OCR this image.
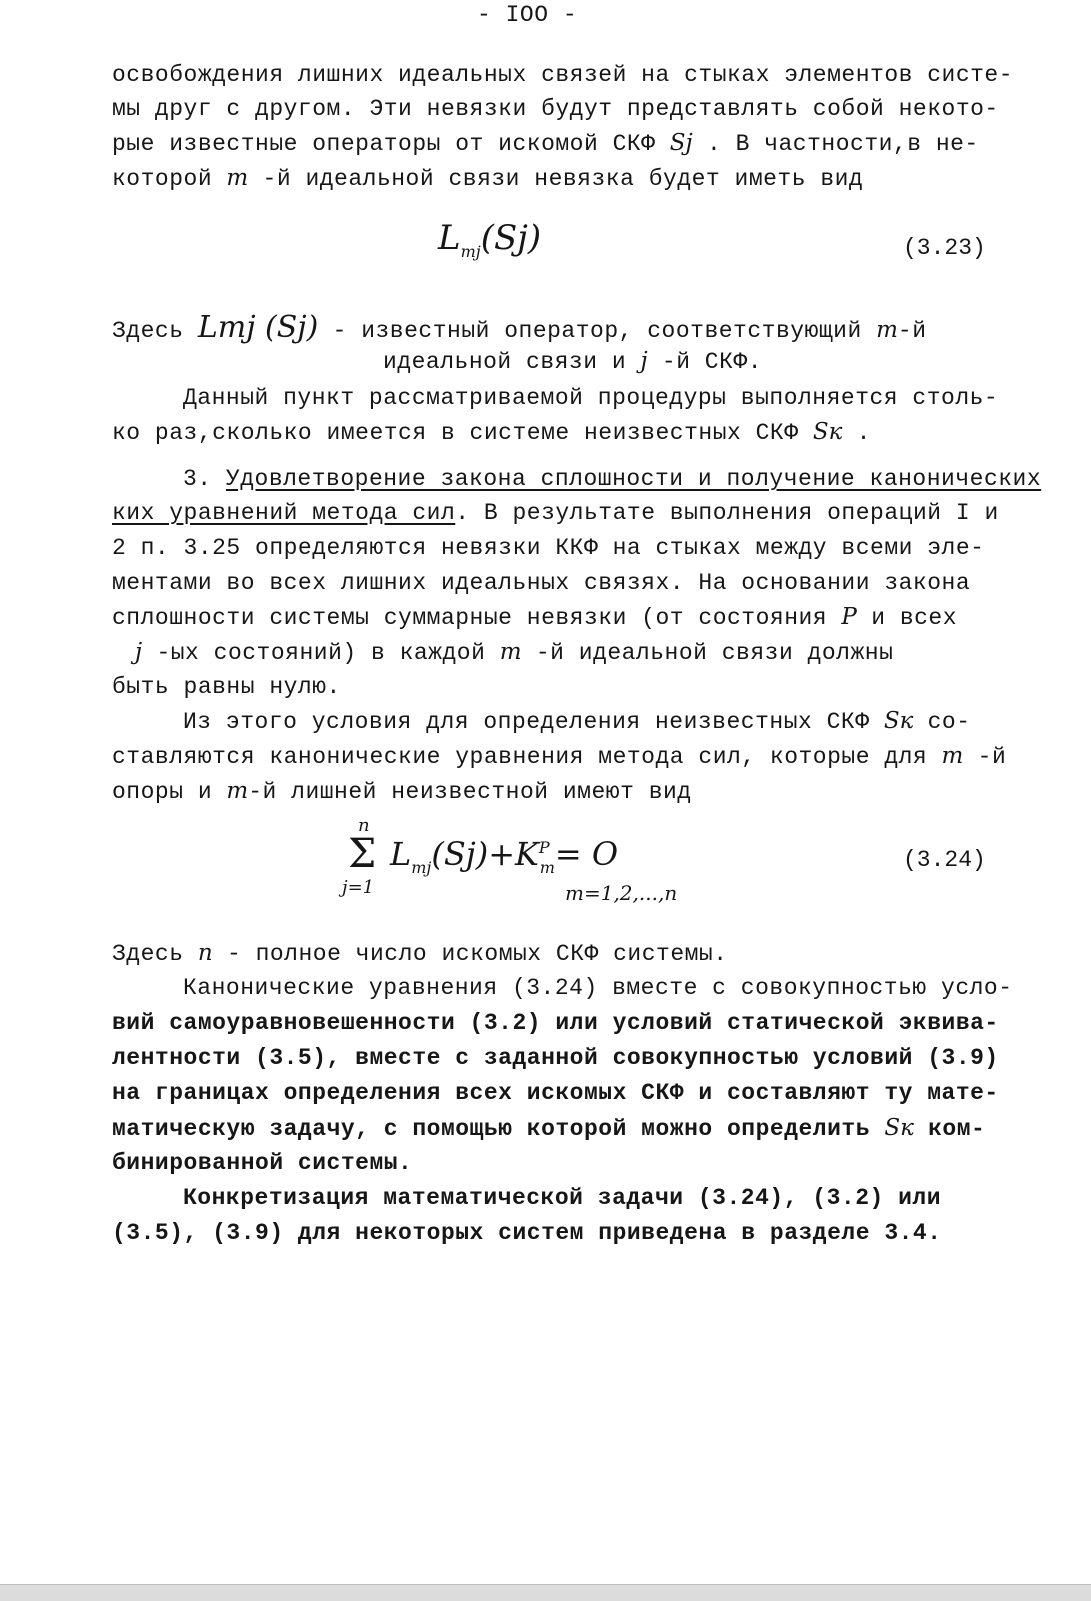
- IOO -
освобождения лишних идеальных связей на стыках элементов систе-
мы друг с другом. Эти невязки будут представлять собой некото-
рые известные операторы от искомой СКФ Sj . В частности,в не-
которой m -й идеальной связи невязка будет иметь вид
$L_{mj}(Sj)$	(3.23)
Здесь Lmj (Sj) - известный оператор, соответствующий m-й
идеальной связи и j -й СКФ.
Данный пункт рассматриваемой процедуры выполняется столь-
ко раз,сколько имеется в системе неизвестных СКФ Sк .
3. Удовлетворение закона сплошности и получение канонических
ких уравнений метода сил. В результате выполнения операций I и
2 п. 3.25 определяются невязки ККФ на стыках между всеми эле-
ментами во всех лишних идеальных связях. На основании закона
сплошности системы суммарные невязки (от состояния P и всех
j -ых состояний) в каждой m -й идеальной связи должны
быть равны нулю.
Из этого условия для определения неизвестных СКФ Sк со-
ставляются канонические уравнения метода сил, которые для m -й
опоры и m-й лишней неизвестной имеют вид
n
Σ
j=1
$L_{mj}(Sj)+K^P_m= O$
m=1,2,...,n
(3.24)
Здесь n - полное число искомых СКФ системы.
Канонические уравнения (3.24) вместе с совокупностью усло-
вий самоуравновешенности (3.2) или условий статической эквива-
лентности (3.5), вместе с заданной совокупностью условий (3.9)
на границах определения всех искомых СКФ и составляют ту мате-
матическую задачу, с помощью которой можно определить Sк ком-
бинированной системы.
Конкретизация математической задачи (3.24), (3.2) или
(3.5), (3.9) для некоторых систем приведена в разделе 3.4.
